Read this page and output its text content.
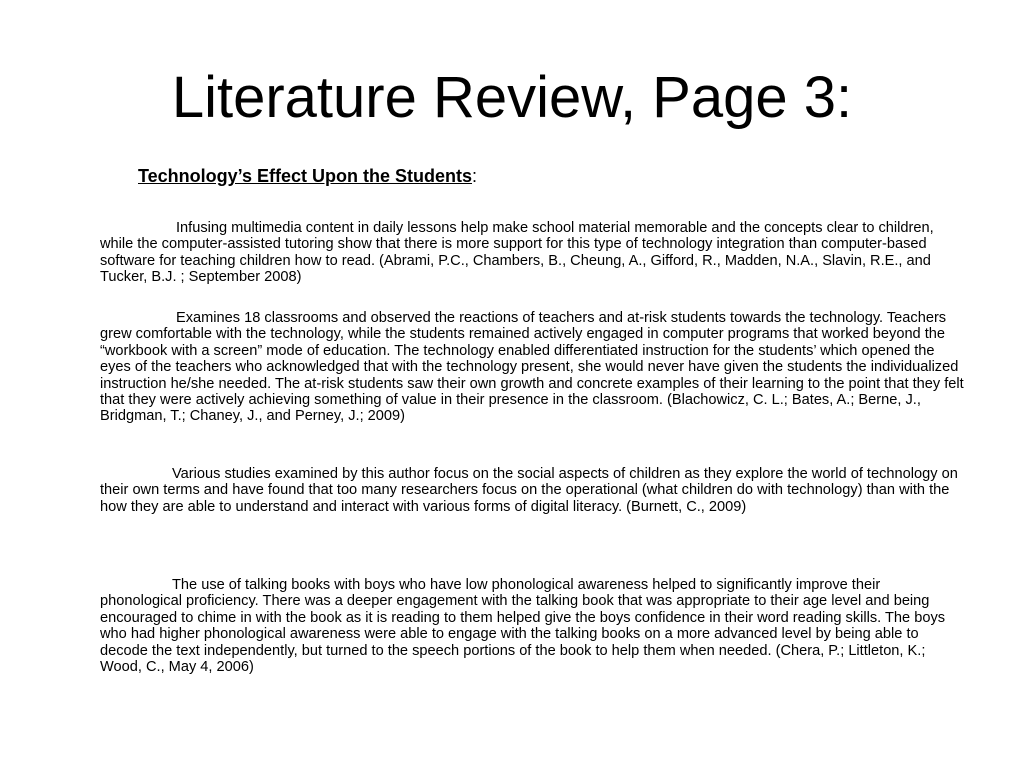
Literature Review, Page 3:
Technology’s Effect Upon the Students:

Infusing multimedia content in daily lessons help make school material memorable and the concepts clear to children, while the computer-assisted tutoring show that there is more support for this type of technology integration than computer-based software for teaching children how to read. (Abrami, P.C., Chambers, B., Cheung, A., Gifford, R., Madden, N.A., Slavin, R.E., and Tucker, B.J. ; September 2008)

Examines 18 classrooms and observed the reactions of teachers and at-risk students towards the technology. Teachers grew comfortable with the technology, while the students remained actively engaged in computer programs that worked beyond the “workbook with a screen” mode of education. The technology enabled differentiated instruction for the students’ which opened the eyes of the teachers who acknowledged that with the technology present, she would never have given the students the individualized instruction he/she needed. The at-risk students saw their own growth and concrete examples of their learning to the point that they felt that they were actively achieving something of value in their presence in the classroom. (Blachowicz, C. L.; Bates, A.; Berne, J., Bridgman, T.; Chaney, J., and Perney, J.; 2009)

Various studies examined by this author focus on the social aspects of children as they explore the world of technology on their own terms and have found that too many researchers focus on the operational (what children do with technology) than with the how they are able to understand and interact with various forms of digital literacy. (Burnett, C., 2009)

The use of talking books with boys who have low phonological awareness helped to significantly improve their phonological proficiency. There was a deeper engagement with the talking book that was appropriate to their age level and being encouraged to chime in with the book as it is reading to them helped give the boys confidence in their word reading skills. The boys who had higher phonological awareness were able to engage with the talking books on a more advanced level by being able to decode the text independently, but turned to the speech portions of the book to help them when needed. (Chera, P.; Littleton, K.; Wood, C., May 4, 2006)
